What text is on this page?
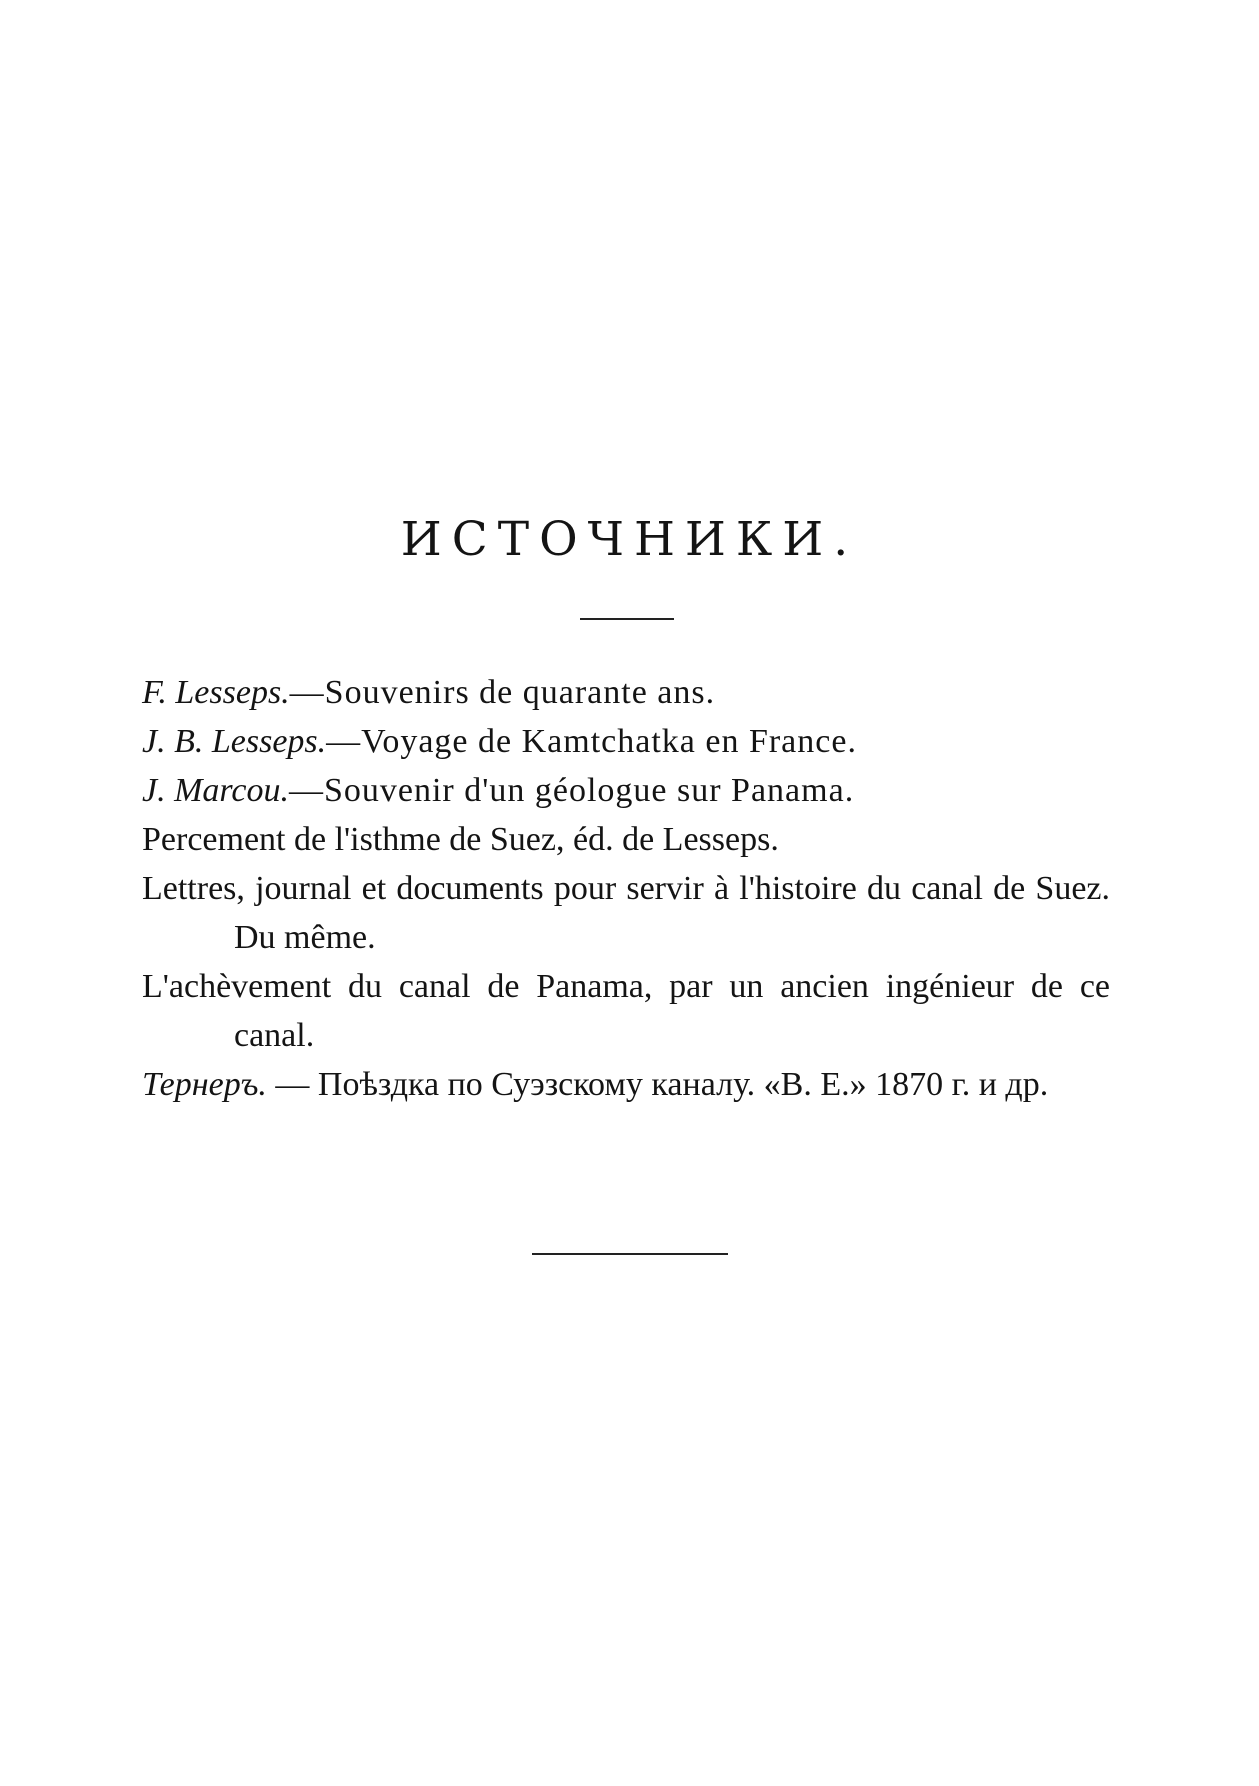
ИСТОЧНИКИ.
F. Lesseps.—Souvenirs de quarante ans.
J. B. Lesseps.—Voyage de Kamtchatka en France.
J. Marcou.—Souvenir d'un géologue sur Panama.
Percement de l'isthme de Suez, éd. de Lesseps.
Lettres, journal et documents pour servir à l'histoire du canal de Suez. Du même.
L'achèvement du canal de Panama, par un ancien ingénieur de ce canal.
Тернеръ. — Поѣздка по Суэзскому каналу. «В. Е.» 1870 г. и др.
